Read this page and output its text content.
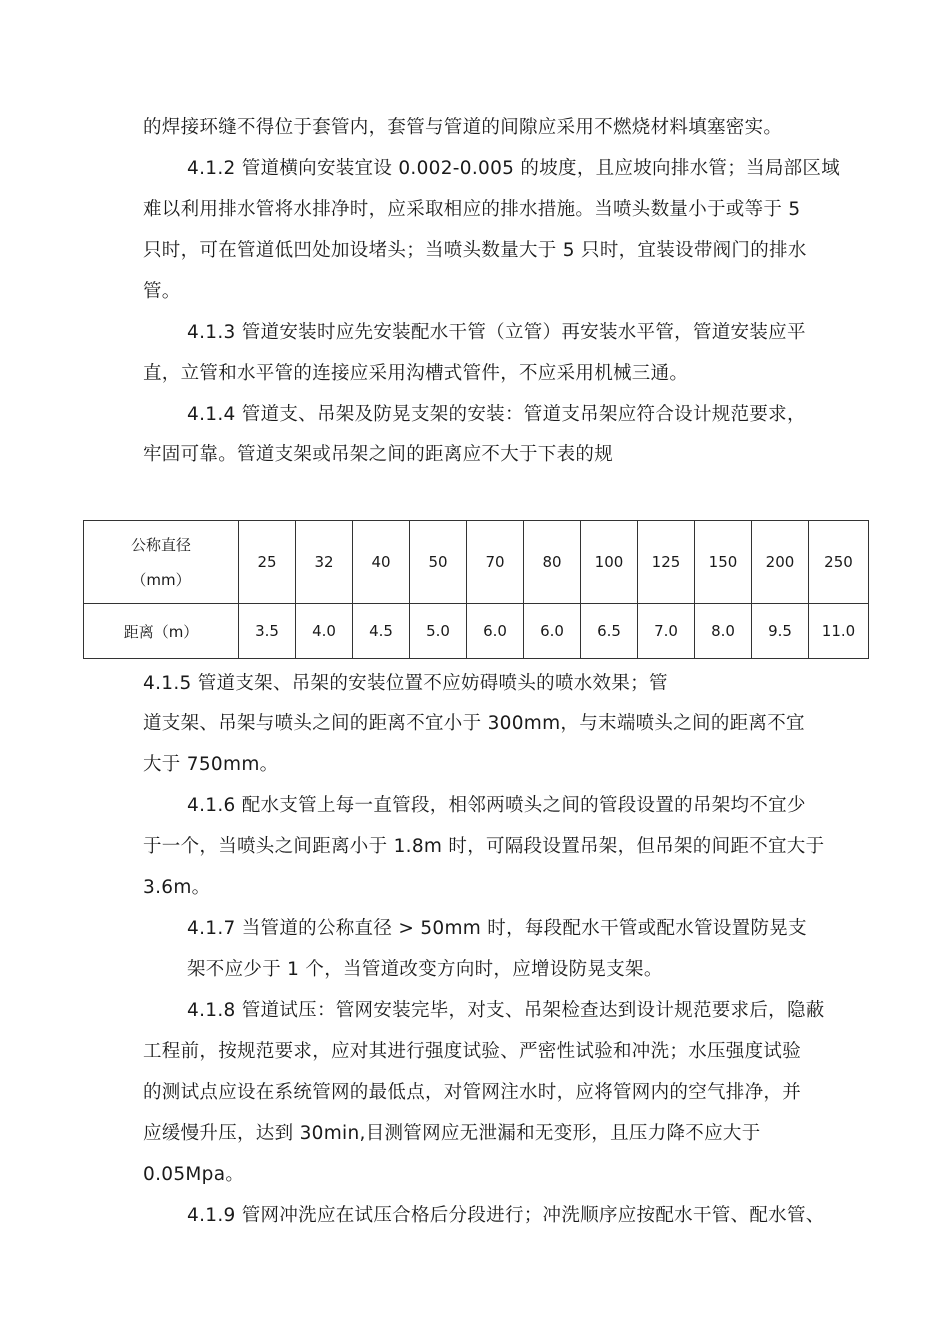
的焊接环缝不得位于套管内，套管与管道的间隙应采用不燃烧材料填塞密实。
4.1.2 管道横向安装宜设 0.002-0.005 的坡度，且应坡向排水管；当局部区域
难以利用排水管将水排净时，应采取相应的排水措施。当喷头数量小于或等于 5
只时，可在管道低凹处加设堵头；当喷头数量大于 5 只时，宜装设带阀门的排水
管。
4.1.3 管道安装时应先安装配水干管（立管）再安装水平管，管道安装应平
直，立管和水平管的连接应采用沟槽式管件，不应采用机械三通。
4.1.4 管道支、吊架及防晃支架的安装：管道支吊架应符合设计规范要求，
牢固可靠。管道支架或吊架之间的距离应不大于下表的规
公称直径
（mm）	25	32	40	50	70	80	100	125	150	200	250
距离（m）	3.5	4.0	4.5	5.0	6.0	6.0	6.5	7.0	8.0	9.5	11.0
4.1.5 管道支架、吊架的安装位置不应妨碍喷头的喷水效果；管
道支架、吊架与喷头之间的距离不宜小于 300mm，与末端喷头之间的距离不宜
大于 750mm。
4.1.6 配水支管上每一直管段，相邻两喷头之间的管段设置的吊架均不宜少
于一个，当喷头之间距离小于 1.8m 时，可隔段设置吊架，但吊架的间距不宜大于
3.6m。
4.1.7 当管道的公称直径 > 50mm 时，每段配水干管或配水管设置防晃支
架不应少于 1 个，当管道改变方向时，应增设防晃支架。
4.1.8 管道试压：管网安装完毕，对支、吊架检查达到设计规范要求后，隐蔽
工程前，按规范要求，应对其进行强度试验、严密性试验和冲洗；水压强度试验
的测试点应设在系统管网的最低点，对管网注水时，应将管网内的空气排净，并
应缓慢升压，达到 30min,目测管网应无泄漏和无变形，且压力降不应大于
0.05Mpa。
4.1.9 管网冲洗应在试压合格后分段进行；冲洗顺序应按配水干管、配水管、
